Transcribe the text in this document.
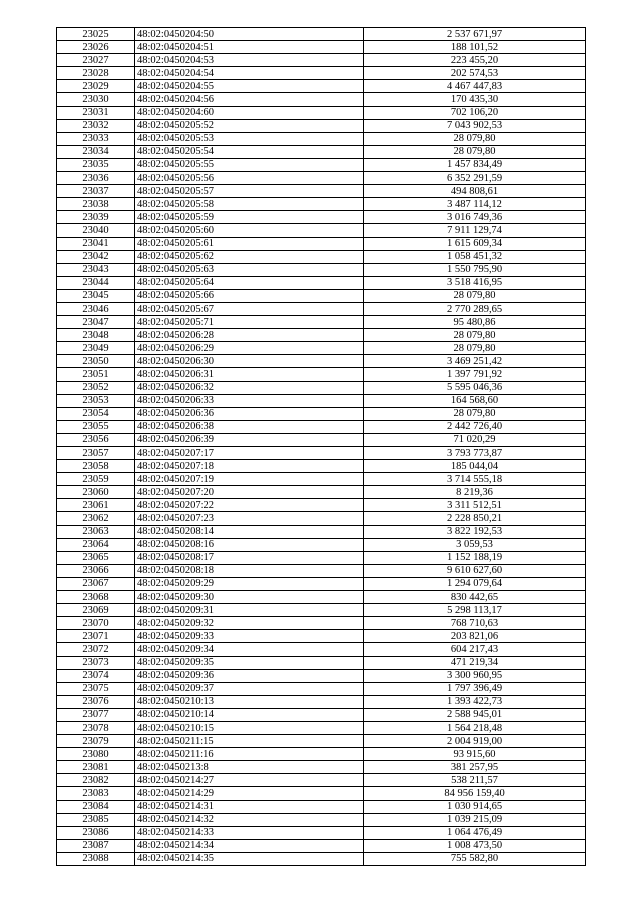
23025	48:02:0450204:50	2 537 671,97
23026	48:02:0450204:51	188 101,52
23027	48:02:0450204:53	223 455,20
23028	48:02:0450204:54	202 574,53
23029	48:02:0450204:55	4 467 447,83
23030	48:02:0450204:56	170 435,30
23031	48:02:0450204:60	702 106,20
23032	48:02:0450205:52	7 043 902,53
23033	48:02:0450205:53	28 079,80
23034	48:02:0450205:54	28 079,80
23035	48:02:0450205:55	1 457 834,49
23036	48:02:0450205:56	6 352 291,59
23037	48:02:0450205:57	494 808,61
23038	48:02:0450205:58	3 487 114,12
23039	48:02:0450205:59	3 016 749,36
23040	48:02:0450205:60	7 911 129,74
23041	48:02:0450205:61	1 615 609,34
23042	48:02:0450205:62	1 058 451,32
23043	48:02:0450205:63	1 550 795,90
23044	48:02:0450205:64	3 518 416,95
23045	48:02:0450205:66	28 079,80
23046	48:02:0450205:67	2 770 289,65
23047	48:02:0450205:71	95 480,86
23048	48:02:0450206:28	28 079,80
23049	48:02:0450206:29	28 079,80
23050	48:02:0450206:30	3 469 251,42
23051	48:02:0450206:31	1 397 791,92
23052	48:02:0450206:32	5 595 046,36
23053	48:02:0450206:33	164 568,60
23054	48:02:0450206:36	28 079,80
23055	48:02:0450206:38	2 442 726,40
23056	48:02:0450206:39	71 020,29
23057	48:02:0450207:17	3 793 773,87
23058	48:02:0450207:18	185 044,04
23059	48:02:0450207:19	3 714 555,18
23060	48:02:0450207:20	8 219,36
23061	48:02:0450207:22	3 311 512,51
23062	48:02:0450207:23	2 228 850,21
23063	48:02:0450208:14	3 822 192,53
23064	48:02:0450208:16	3 059,53
23065	48:02:0450208:17	1 152 188,19
23066	48:02:0450208:18	9 610 627,60
23067	48:02:0450209:29	1 294 079,64
23068	48:02:0450209:30	830 442,65
23069	48:02:0450209:31	5 298 113,17
23070	48:02:0450209:32	768 710,63
23071	48:02:0450209:33	203 821,06
23072	48:02:0450209:34	604 217,43
23073	48:02:0450209:35	471 219,34
23074	48:02:0450209:36	3 300 960,95
23075	48:02:0450209:37	1 797 396,49
23076	48:02:0450210:13	1 393 422,73
23077	48:02:0450210:14	2 588 945,01
23078	48:02:0450210:15	1 564 218,48
23079	48:02:0450211:15	2 004 919,00
23080	48:02:0450211:16	93 915,60
23081	48:02:0450213:8	381 257,95
23082	48:02:0450214:27	538 211,57
23083	48:02:0450214:29	84 956 159,40
23084	48:02:0450214:31	1 030 914,65
23085	48:02:0450214:32	1 039 215,09
23086	48:02:0450214:33	1 064 476,49
23087	48:02:0450214:34	1 008 473,50
23088	48:02:0450214:35	755 582,80
